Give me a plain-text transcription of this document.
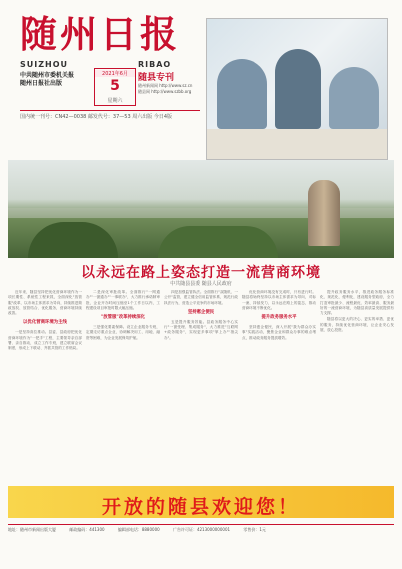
随州日报
SUIZHOU	RIBAO
中共随州市委机关报
随州日报社出版
2021年6月
5
星期六
随县专刊
随州新闻网 http://www.sz.cn
随县网 http://www.szbb.org
国内统一刊号：CN42—0038 邮发代号：37—53 周六出版 今日4版
以永远在路上姿态打造一流营商环境
中共随县县委 随县人民政府

近年来，随县坚持把优化营商环境作为一项长期性、系统性工程来抓，全面深化"放管服"改革，以市场主体需求为导向，持续推进简政放权、放管结合、优化服务，营商环境持续改善。

以优化营商环境为主线

一是坚持高位推动。县委、县政府把优化营商环境作为"一把手"工程，主要领导亲自部署、亲自推动，成立工作专班，建立联席会议制度，形成上下联动、齐抓共管的工作格局。

二是深化审批改革。全面推行"一网通办""一窗通办""一事联办"，大力推行承诺制审批，企业开办时间压缩至1个工作日以内，工程建设项目审批时限大幅压缩。

"放管服"改革持续深化

三是强化要素保障。设立企业服务专班，定期走访重点企业，协调解决用工、用地、融资等困难，为企业发展保驾护航。

四是加强监管执法。全面推行"双随机、一公开"监管，建立健全信用监管体系，规范行政执法行为，营造公平竞争的市场环境。

坚持惠企便民

五是提升服务效能。县政务服务中心实行"一窗受理、集成服务"，大力推进"互联网+政务服务"，实现更多事项"掌上办""指尖办"。

优化营商环境没有完成时，只有进行时。随县将始终坚持以市场主体需求为导向，对标一流、持续发力，以永远在路上的姿态，推动营商环境不断优化。

提升政务服务水平

坚持惠企便民，深入开展"我为群众办实事"实践活动，聚焦企业和群众办事的难点堵点，推动政务服务提质增效。

提升政务服务水平，推进政务服务标准化、规范化、便利化，建设服务型政府，全力打造审批最少、流程最优、效率最高、服务最好的一流营商环境，为随县高质量发展提供有力支撑。

随县将以更大的决心、更实的举措、更优的服务，持续优化营商环境，让企业安心发展、放心投资。

开放的随县欢迎您！
地址：随州市新闻出版大厦	邮政编码：441300	编辑部电话：8880000	广告许可证：4213000000001	零售价：1元
